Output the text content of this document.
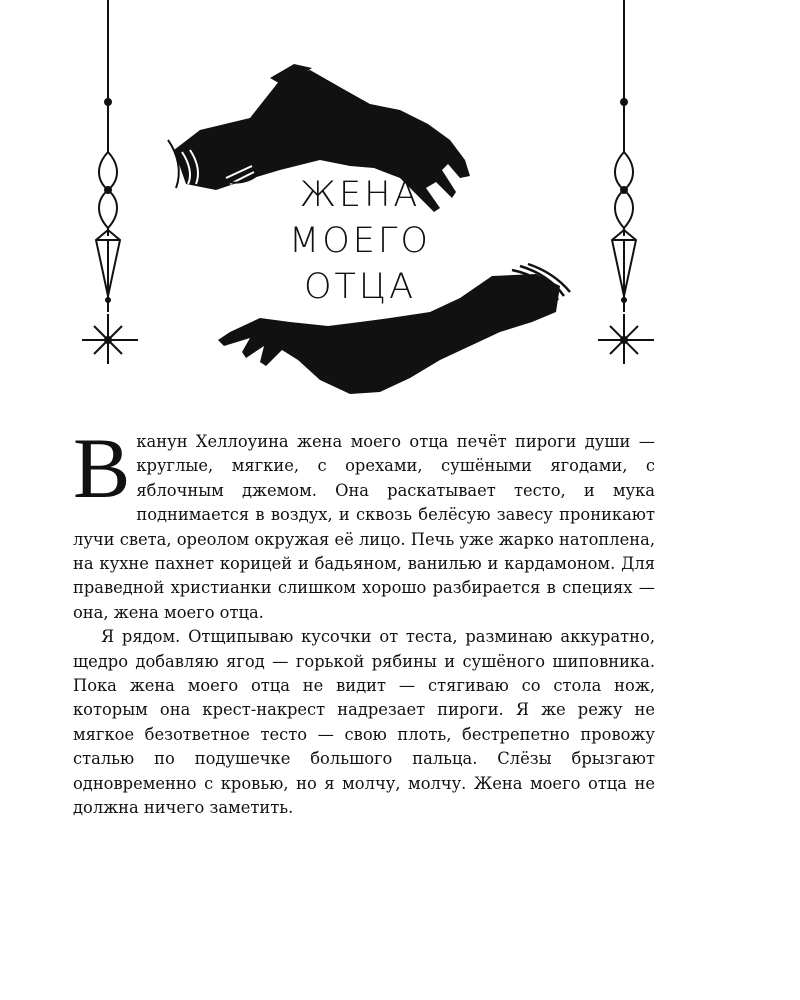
ЖЕНА
МОЕГО
ОТЦА

Вканун Хеллоуина жена моего отца печёт пироги души — круглые, мягкие, с орехами, сушёными ягодами, с яблочным джемом. Она раскатывает тесто, и мука поднимается в воздух, и сквозь белёсую завесу проникают лучи света, ореолом окружая её лицо. Печь уже жарко натоплена, на кухне пахнет корицей и бадьяном, ванилью и кардамоном. Для праведной христианки слишком хорошо разбирается в специях — она, жена моего отца.

Я рядом. Отщипываю кусочки от теста, разминаю аккуратно, щедро добавляю ягод — горькой рябины и сушёного шиповника. Пока жена моего отца не видит — стягиваю со стола нож, которым она крест-накрест надрезает пироги. Я же режу не мягкое безответное тесто — свою плоть, бестрепетно провожу сталью по подушечке большого пальца. Слёзы брызгают одновременно с кровью, но я молчу, молчу. Жена моего отца не должна ничего заметить.
